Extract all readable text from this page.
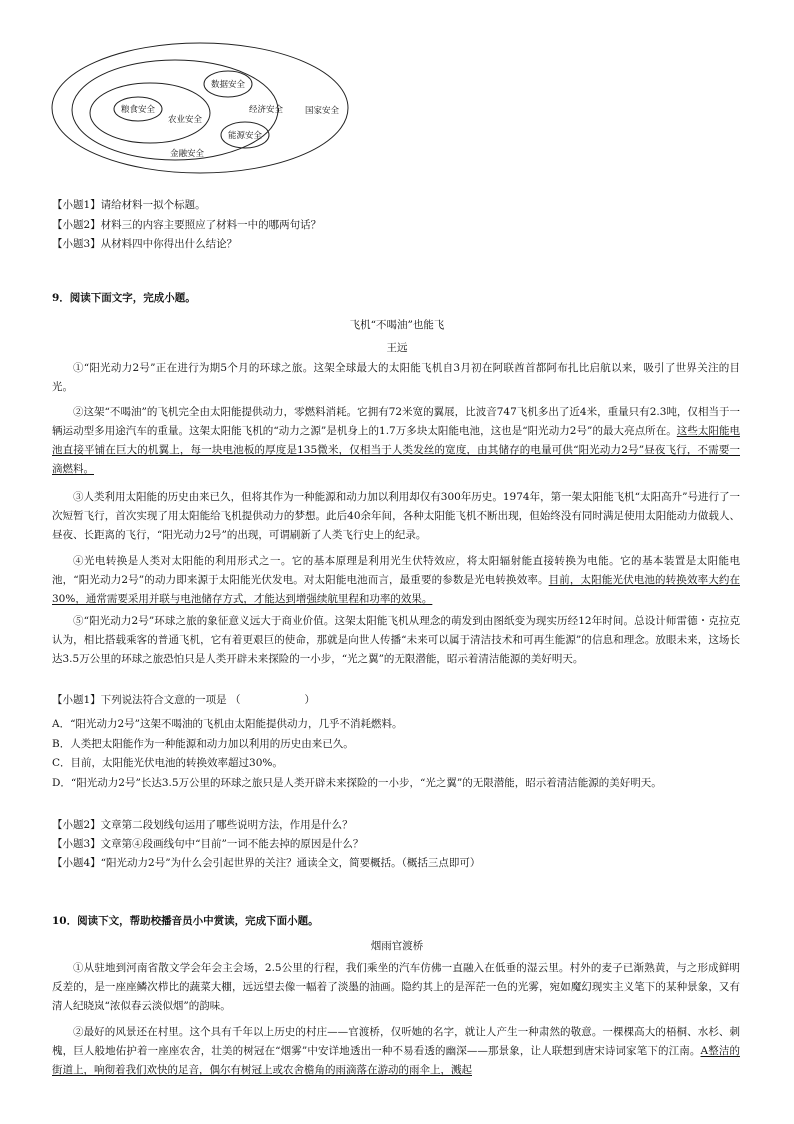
粮食安全
农业安全
数据安全
经济安全
能源安全
国家安全
金融安全
【小题1】请给材料一拟个标题。
【小题2】材料三的内容主要照应了材料一中的哪两句话？
【小题3】从材料四中你得出什么结论？
9．阅读下面文字，完成小题。
飞机“不喝油”也能飞
王远

①“阳光动力2号”正在进行为期5个月的环球之旅。这架全球最大的太阳能飞机自3月初在阿联酋首都阿布扎比启航以来，吸引了世界关注的目光。

②这架“不喝油”的飞机完全由太阳能提供动力，零燃料消耗。它拥有72米宽的翼展，比波音747飞机多出了近4米，重量只有2.3吨，仅相当于一辆运动型多用途汽车的重量。这架太阳能飞机的“动力之源”是机身上的1.7万多块太阳能电池，这也是“阳光动力2号”的最大亮点所在。这些太阳能电池直接平铺在巨大的机翼上，每一块电池板的厚度是135微米，仅相当于人类发丝的宽度，由其储存的电量可供“阳光动力2号”昼夜飞行，不需要一滴燃料。

③人类利用太阳能的历史由来已久，但将其作为一种能源和动力加以利用却仅有300年历史。1974年，第一架太阳能飞机“太阳高升”号进行了一次短暂飞行，首次实现了用太阳能给飞机提供动力的梦想。此后40余年间，各种太阳能飞机不断出现，但始终没有同时满足使用太阳能动力做载人、昼夜、长距离的飞行，“阳光动力2号”的出现，可谓刷新了人类飞行史上的纪录。

④光电转换是人类对太阳能的利用形式之一。它的基本原理是利用光生伏特效应，将太阳辐射能直接转换为电能。它的基本装置是太阳能电池，“阳光动力2号”的动力即来源于太阳能光伏发电。对太阳能电池而言，最重要的参数是光电转换效率。目前，太阳能光伏电池的转换效率大约在30%，通常需要采用并联与电池储存方式，才能达到增强续航里程和功率的效果。

⑤“阳光动力2号”环球之旅的象征意义远大于商业价值。这架太阳能飞机从理念的萌发到由图纸变为现实历经12年时间。总设计师雷德・克拉克认为，相比搭载乘客的普通飞机，它有着更艰巨的使命，那就是向世人传播“未来可以属于清洁技术和可再生能源”的信息和理念。放眼未来，这场长达3.5万公里的环球之旅恐怕只是人类开辟未来探险的一小步，“光之翼”的无限潜能，昭示着清洁能源的美好明天。

【小题1】下列说法符合文意的一项是 （	）
A．“阳光动力2号”这架不喝油的飞机由太阳能提供动力，几乎不消耗燃料。
B．人类把太阳能作为一种能源和动力加以利用的历史由来已久。
C．目前，太阳能光伏电池的转换效率超过30%。

D．“阳光动力2号”长达3.5万公里的环球之旅只是人类开辟未来探险的一小步，“光之翼”的无限潜能，昭示着清洁能源的美好明天。

【小题2】文章第二段划线句运用了哪些说明方法，作用是什么？
【小题3】文章第④段画线句中“目前”一词不能去掉的原因是什么？
【小题4】“阳光动力2号”为什么会引起世界的关注？通读全文，简要概括。（概括三点即可）
10．阅读下文，帮助校播音员小中赏读，完成下面小题。
烟雨官渡桥

①从驻地到河南省散文学会年会主会场，2.5公里的行程，我们乘坐的汽车仿佛一直融入在低垂的湿云里。村外的麦子已渐熟黄，与之形成鲜明反差的，是一座座鳞次栉比的蔬菜大棚，远远望去像一幅着了淡墨的油画。隐约其上的是浑茫一色的光雾，宛如魔幻现实主义笔下的某种景象，又有清人纪晓岚“浓似春云淡似烟”的韵味。

②最好的风景还在村里。这个具有千年以上历史的村庄——官渡桥，仅听她的名字，就让人产生一种肃然的敬意。一棵棵高大的梧桐、水杉、刺槐，巨人般地佑护着一座座农舍，壮美的树冠在“烟雾”中安详地透出一种不易看透的幽深——那景象，让人联想到唐宋诗词家笔下的江南。A整洁的街道上，响彻着我们欢快的足音，偶尔有树冠上或农舍檐角的雨滴落在游动的雨伞上，溅起
